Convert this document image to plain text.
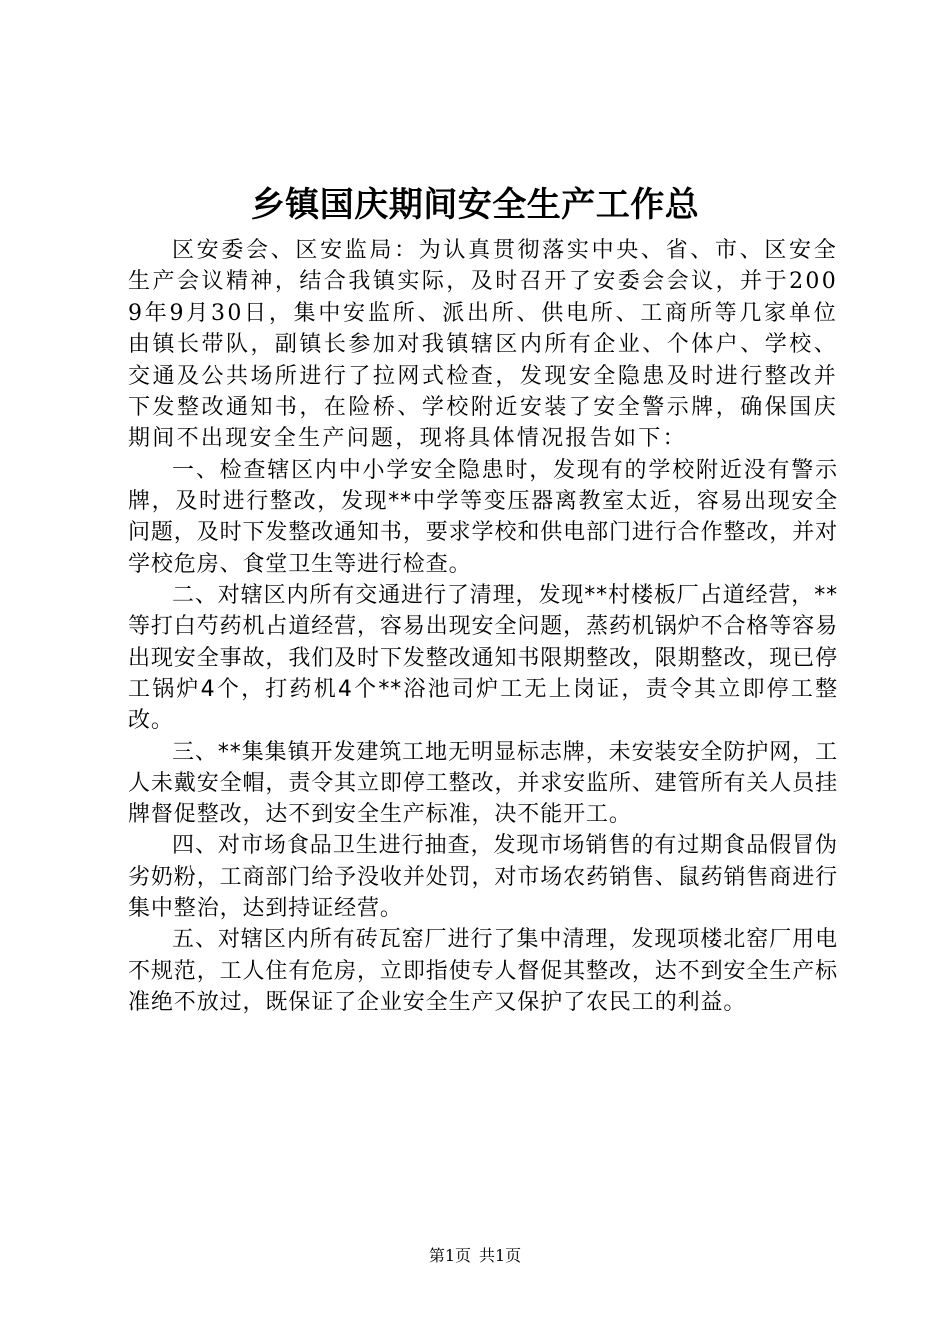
乡镇国庆期间安全生产工作总

区安委会、区安监局：为认真贯彻落实中央、省、市、区安全生产会议精神，结合我镇实际，及时召开了安委会会议，并于2009年9月30日，集中安监所、派出所、供电所、工商所等几家单位由镇长带队，副镇长参加对我镇辖区内所有企业、个体户、学校、交通及公共场所进行了拉网式检查，发现安全隐患及时进行整改并下发整改通知书，在险桥、学校附近安装了安全警示牌，确保国庆期间不出现安全生产问题，现将具体情况报告如下：

一、检查辖区内中小学安全隐患时，发现有的学校附近没有警示牌，及时进行整改，发现**中学等变压器离教室太近，容易出现安全问题，及时下发整改通知书，要求学校和供电部门进行合作整改，并对学校危房、食堂卫生等进行检查。

二、对辖区内所有交通进行了清理，发现**村楼板厂占道经营，**等打白芍药机占道经营，容易出现安全问题，蒸药机锅炉不合格等容易出现安全事故，我们及时下发整改通知书限期整改，限期整改，现已停工锅炉4个，打药机4个**浴池司炉工无上岗证，责令其立即停工整改。

三、**集集镇开发建筑工地无明显标志牌，未安装安全防护网，工人未戴安全帽，责令其立即停工整改，并求安监所、建管所有关人员挂牌督促整改，达不到安全生产标准，决不能开工。

四、对市场食品卫生进行抽查，发现市场销售的有过期食品假冒伪劣奶粉，工商部门给予没收并处罚，对市场农药销售、鼠药销售商进行集中整治，达到持证经营。

五、对辖区内所有砖瓦窑厂进行了集中清理，发现项楼北窑厂用电不规范，工人住有危房，立即指使专人督促其整改，达不到安全生产标准绝不放过，既保证了企业安全生产又保护了农民工的利益。

第1页 共1页
